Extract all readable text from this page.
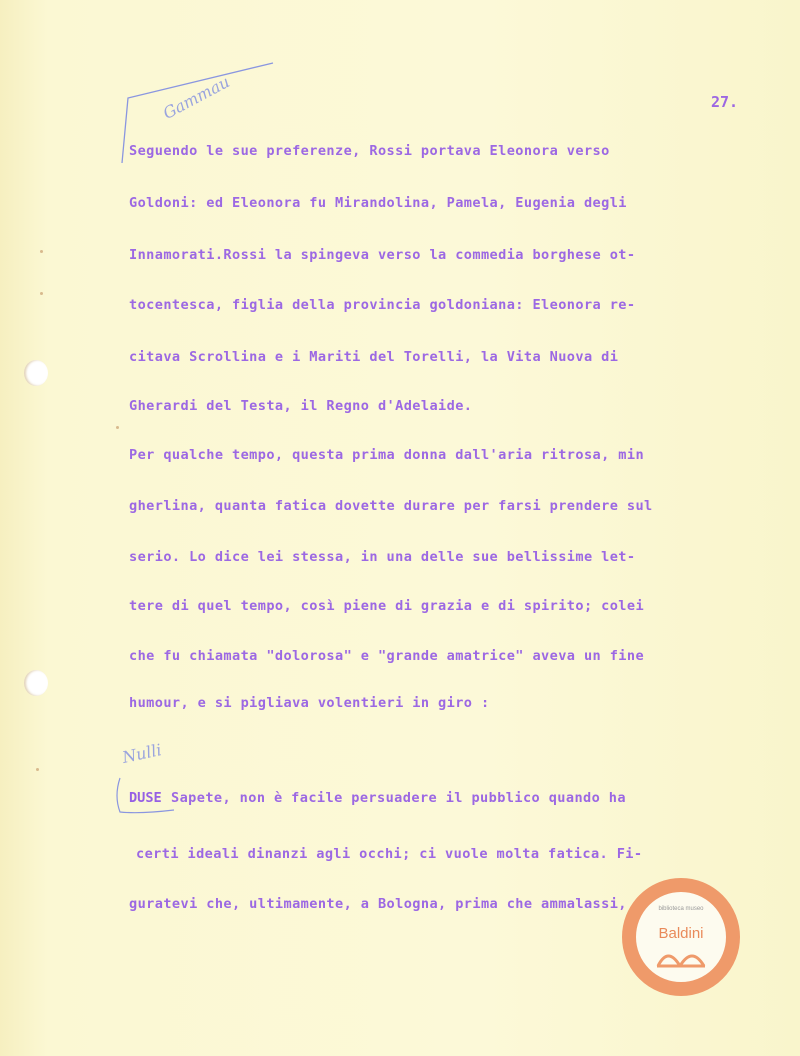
Gammau	27.
Seguendo le sue preferenze, Rossi portava Eleonora verso
Goldoni: ed Eleonora fu Mirandolina, Pamela, Eugenia degli
Innamorati.Rossi la spingeva verso la commedia borghese ot-
tocentesca, figlia della provincia goldoniana: Eleonora re-
citava Scrollina e i Mariti del Torelli, la Vita Nuova di
Gherardi del Testa, il Regno d'Adelaide.
Per qualche tempo, questa prima donna dall'aria ritrosa, min
gherlina, quanta fatica dovette durare per farsi prendere sul
serio. Lo dice lei stessa, in una delle sue bellissime let-
tere di quel tempo, così piene di grazia e di spirito; colei
che fu chiamata "dolorosa" e "grande amatrice" aveva un fine
humour, e si pigliava volentieri in giro :
Nulli
DUSE Sapete, non è facile persuadere il pubblico quando ha
certi ideali dinanzi agli occhi; ci vuole molta fatica. Fi-
guratevi che, ultimamente, a Bologna, prima che ammalassi,	biblioteca museo
Baldini
